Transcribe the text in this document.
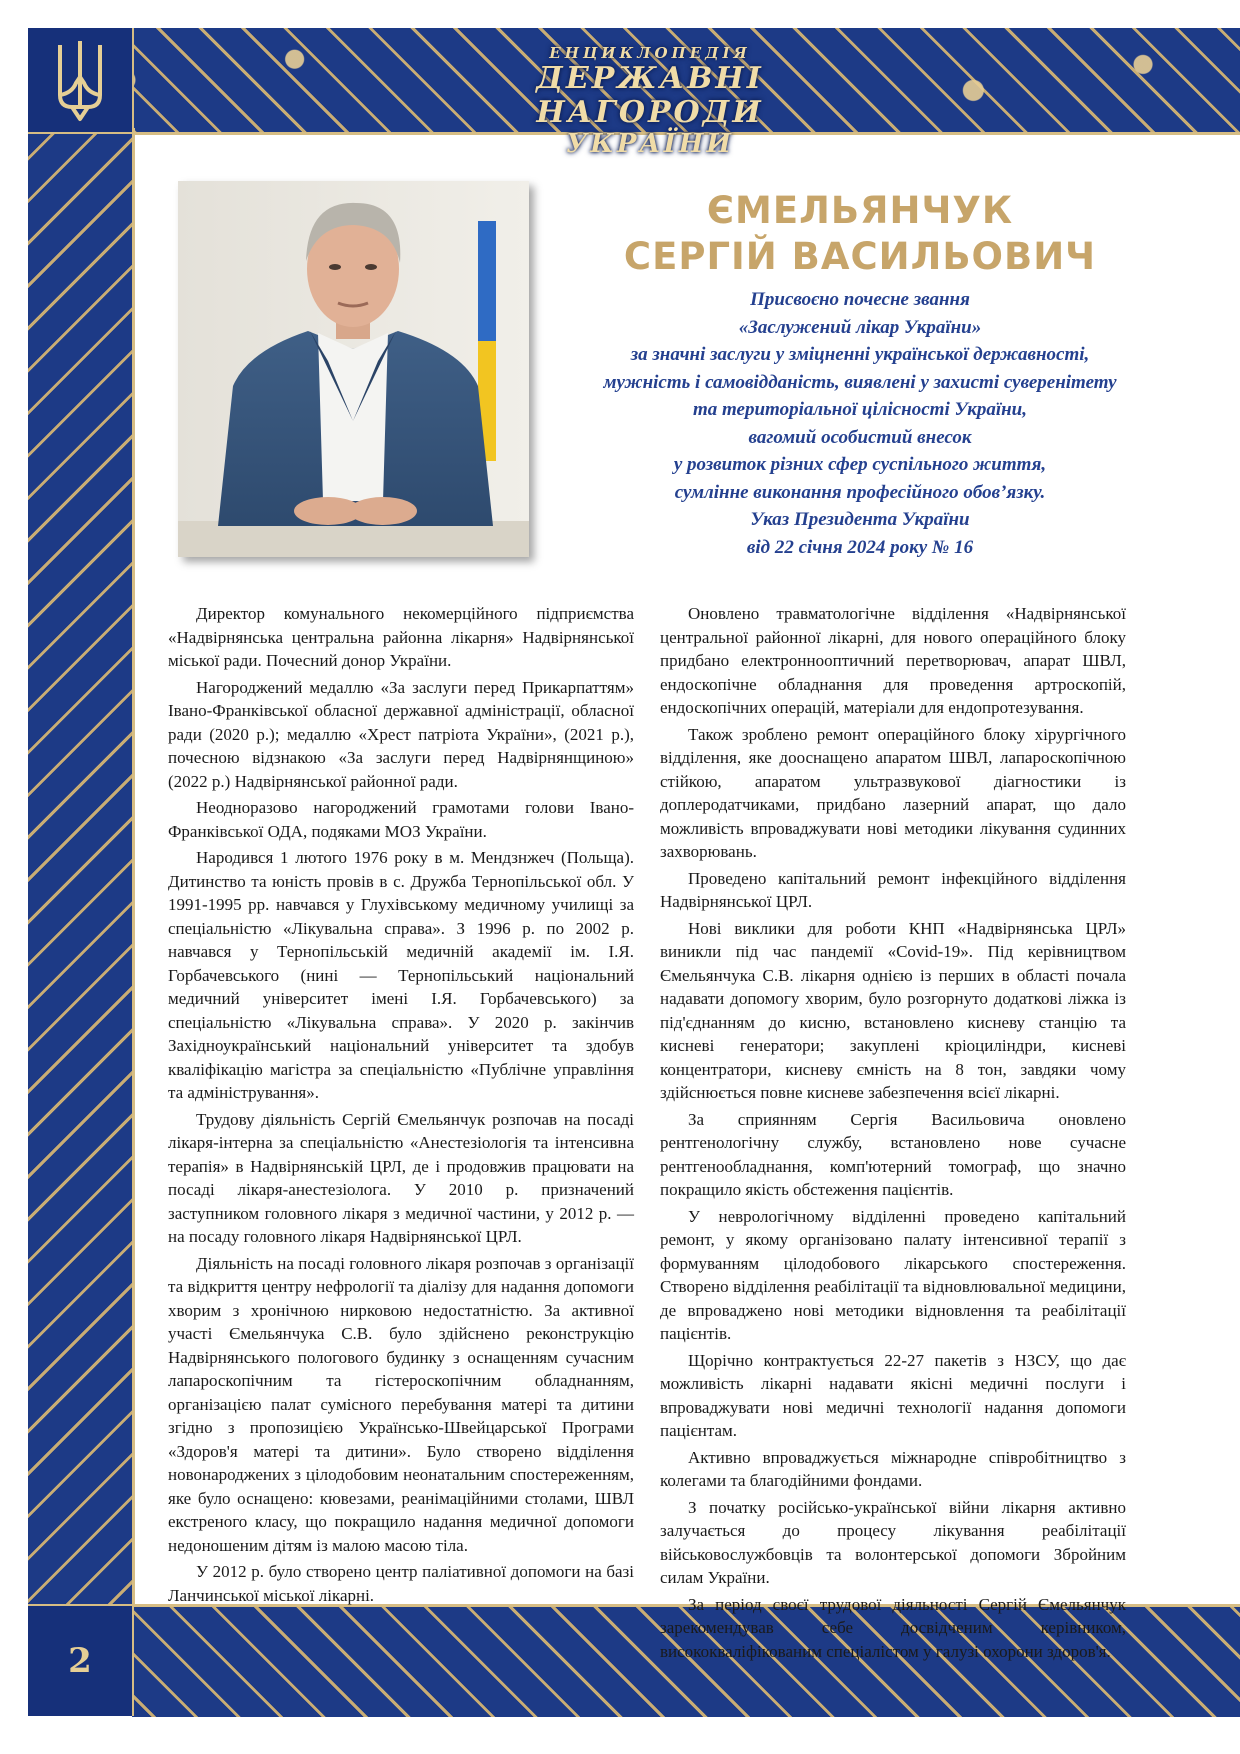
ЕНЦИКЛОПЕДІЯ
ДЕРЖАВНІ НАГОРОДИ
УКРАЇНИ
2
ЄМЕЛЬЯНЧУК
СЕРГІЙ ВАСИЛЬОВИЧ
Присвоєно почесне звання
«Заслужений лікар України»
за значні заслуги у зміцненні української державності,
мужність і самовідданість, виявлені у захисті суверенітету
та територіальної цілісності України,
вагомий особистий внесок
у розвиток різних сфер суспільного життя,
сумлінне виконання професійного обов’язку.
Указ Президента України
від 22 січня 2024 року № 16

Директор комунального некомерційного підприємства «Надвірнянська центральна районна лікарня» Надвірнянської міської ради. Почесний донор України.

Нагороджений медаллю «За заслуги перед Прикарпаттям» Івано-Франківської обласної державної адміністрації, обласної ради (2020 р.); медаллю «Хрест патріота України», (2021 р.), почесною відзнакою «За заслуги перед Надвірнянщиною» (2022 р.) Надвірнянської районної ради.

Неодноразово нагороджений грамотами голови Івано-Франківської ОДА, подяками МОЗ України.

Народився 1 лютого 1976 року в м. Мендзнжеч (Польща). Дитинство та юність провів в с. Дружба Тернопільської обл. У 1991-1995 рр. навчався у Глухівському медичному училищі за спеціальністю «Лікувальна справа». З 1996 р. по 2002 р. навчався у Тернопільській медичній академії ім. І.Я. Горбачевського (нині — Тернопільський національний медичний університет імені І.Я. Горбачевського) за спеціальністю «Лікувальна справа». У 2020 р. закінчив Західноукраїнський національний університет та здобув кваліфікацію магістра за спеціальністю «Публічне управління та адміністрування».

Трудову діяльність Сергій Ємельянчук розпочав на посаді лікаря-інтерна за спеціальністю «Анестезіологія та інтенсивна терапія» в Надвірнянській ЦРЛ, де і продовжив працювати на посаді лікаря-анестезіолога. У 2010 р. призначений заступником головного лікаря з медичної частини, у 2012 р. — на посаду головного лікаря Надвірнянської ЦРЛ.

Діяльність на посаді головного лікаря розпочав з організації та відкриття центру нефрології та діалізу для надання допомоги хворим з хронічною нирковою недостатністю. За активної участі Ємельянчука С.В. було здійснено реконструкцію Надвірнянського пологового будинку з оснащенням сучасним лапароскопічним та гістероскопічним обладнанням, організацією палат сумісного перебування матері та дитини згідно з пропозицією Українсько-Швейцарської Програми «Здоров'я матері та дитини». Було створено відділення новонароджених з цілодобовим неонатальним спостереженням, яке було оснащено: кювезами, реанімаційними столами, ШВЛ екстреного класу, що покращило надання медичної допомоги недоношеним дітям із малою масою тіла.

У 2012 р. було створено центр паліативної допомоги на базі Ланчинської міської лікарні.

Оновлено травматологічне відділення «Надвірнянської центральної районної лікарні, для нового операційного блоку придбано електроннооптичний перетворювач, апарат ШВЛ, ендоскопічне обладнання для проведення артроскопій, ендоскопічних операцій, матеріали для ендопротезування.

Також зроблено ремонт операційного блоку хірургічного відділення, яке дооснащено апаратом ШВЛ, лапароскопічною стійкою, апаратом ультразвукової діагностики із доплеродатчиками, придбано лазерний апарат, що дало можливість впроваджувати нові методики лікування судинних захворювань.

Проведено капітальний ремонт інфекційного відділення Надвірнянської ЦРЛ.

Нові виклики для роботи КНП «Надвірнянська ЦРЛ» виникли під час пандемії «Covid-19». Під керівництвом Ємельянчука С.В. лікарня однією із перших в області почала надавати допомогу хворим, було розгорнуто додаткові ліжка із під'єднанням до кисню, встановлено кисневу станцію та кисневі генератори; закуплені кріоциліндри, кисневі концентратори, кисневу ємність на 8 тон, завдяки чому здійснюється повне кисневе забезпечення всієї лікарні.

За сприянням Сергія Васильовича оновлено рентгенологічну службу, встановлено нове сучасне рентгенообладнання, комп'ютерний томограф, що значно покращило якість обстеження пацієнтів.

У неврологічному відділенні проведено капітальний ремонт, у якому організовано палату інтенсивної терапії з формуванням цілодобового лікарського спостереження. Створено відділення реабілітації та відновлювальної медицини, де впроваджено нові методики відновлення та реабілітації пацієнтів.

Щорічно контрактується 22-27 пакетів з НЗСУ, що дає можливість лікарні надавати якісні медичні послуги і впроваджувати нові медичні технології надання допомоги пацієнтам.

Активно впроваджується міжнародне співробітництво з колегами та благодійними фондами.

З початку російсько-української війни лікарня активно залучається до процесу лікування реабілітації військовослужбовців та волонтерської допомоги Збройним силам України.

За період своєї трудової діяльності Сергій Ємельянчук зарекомендував себе досвідченим керівником, висококваліфікованим спеціалістом у галузі охорони здоров'я.
